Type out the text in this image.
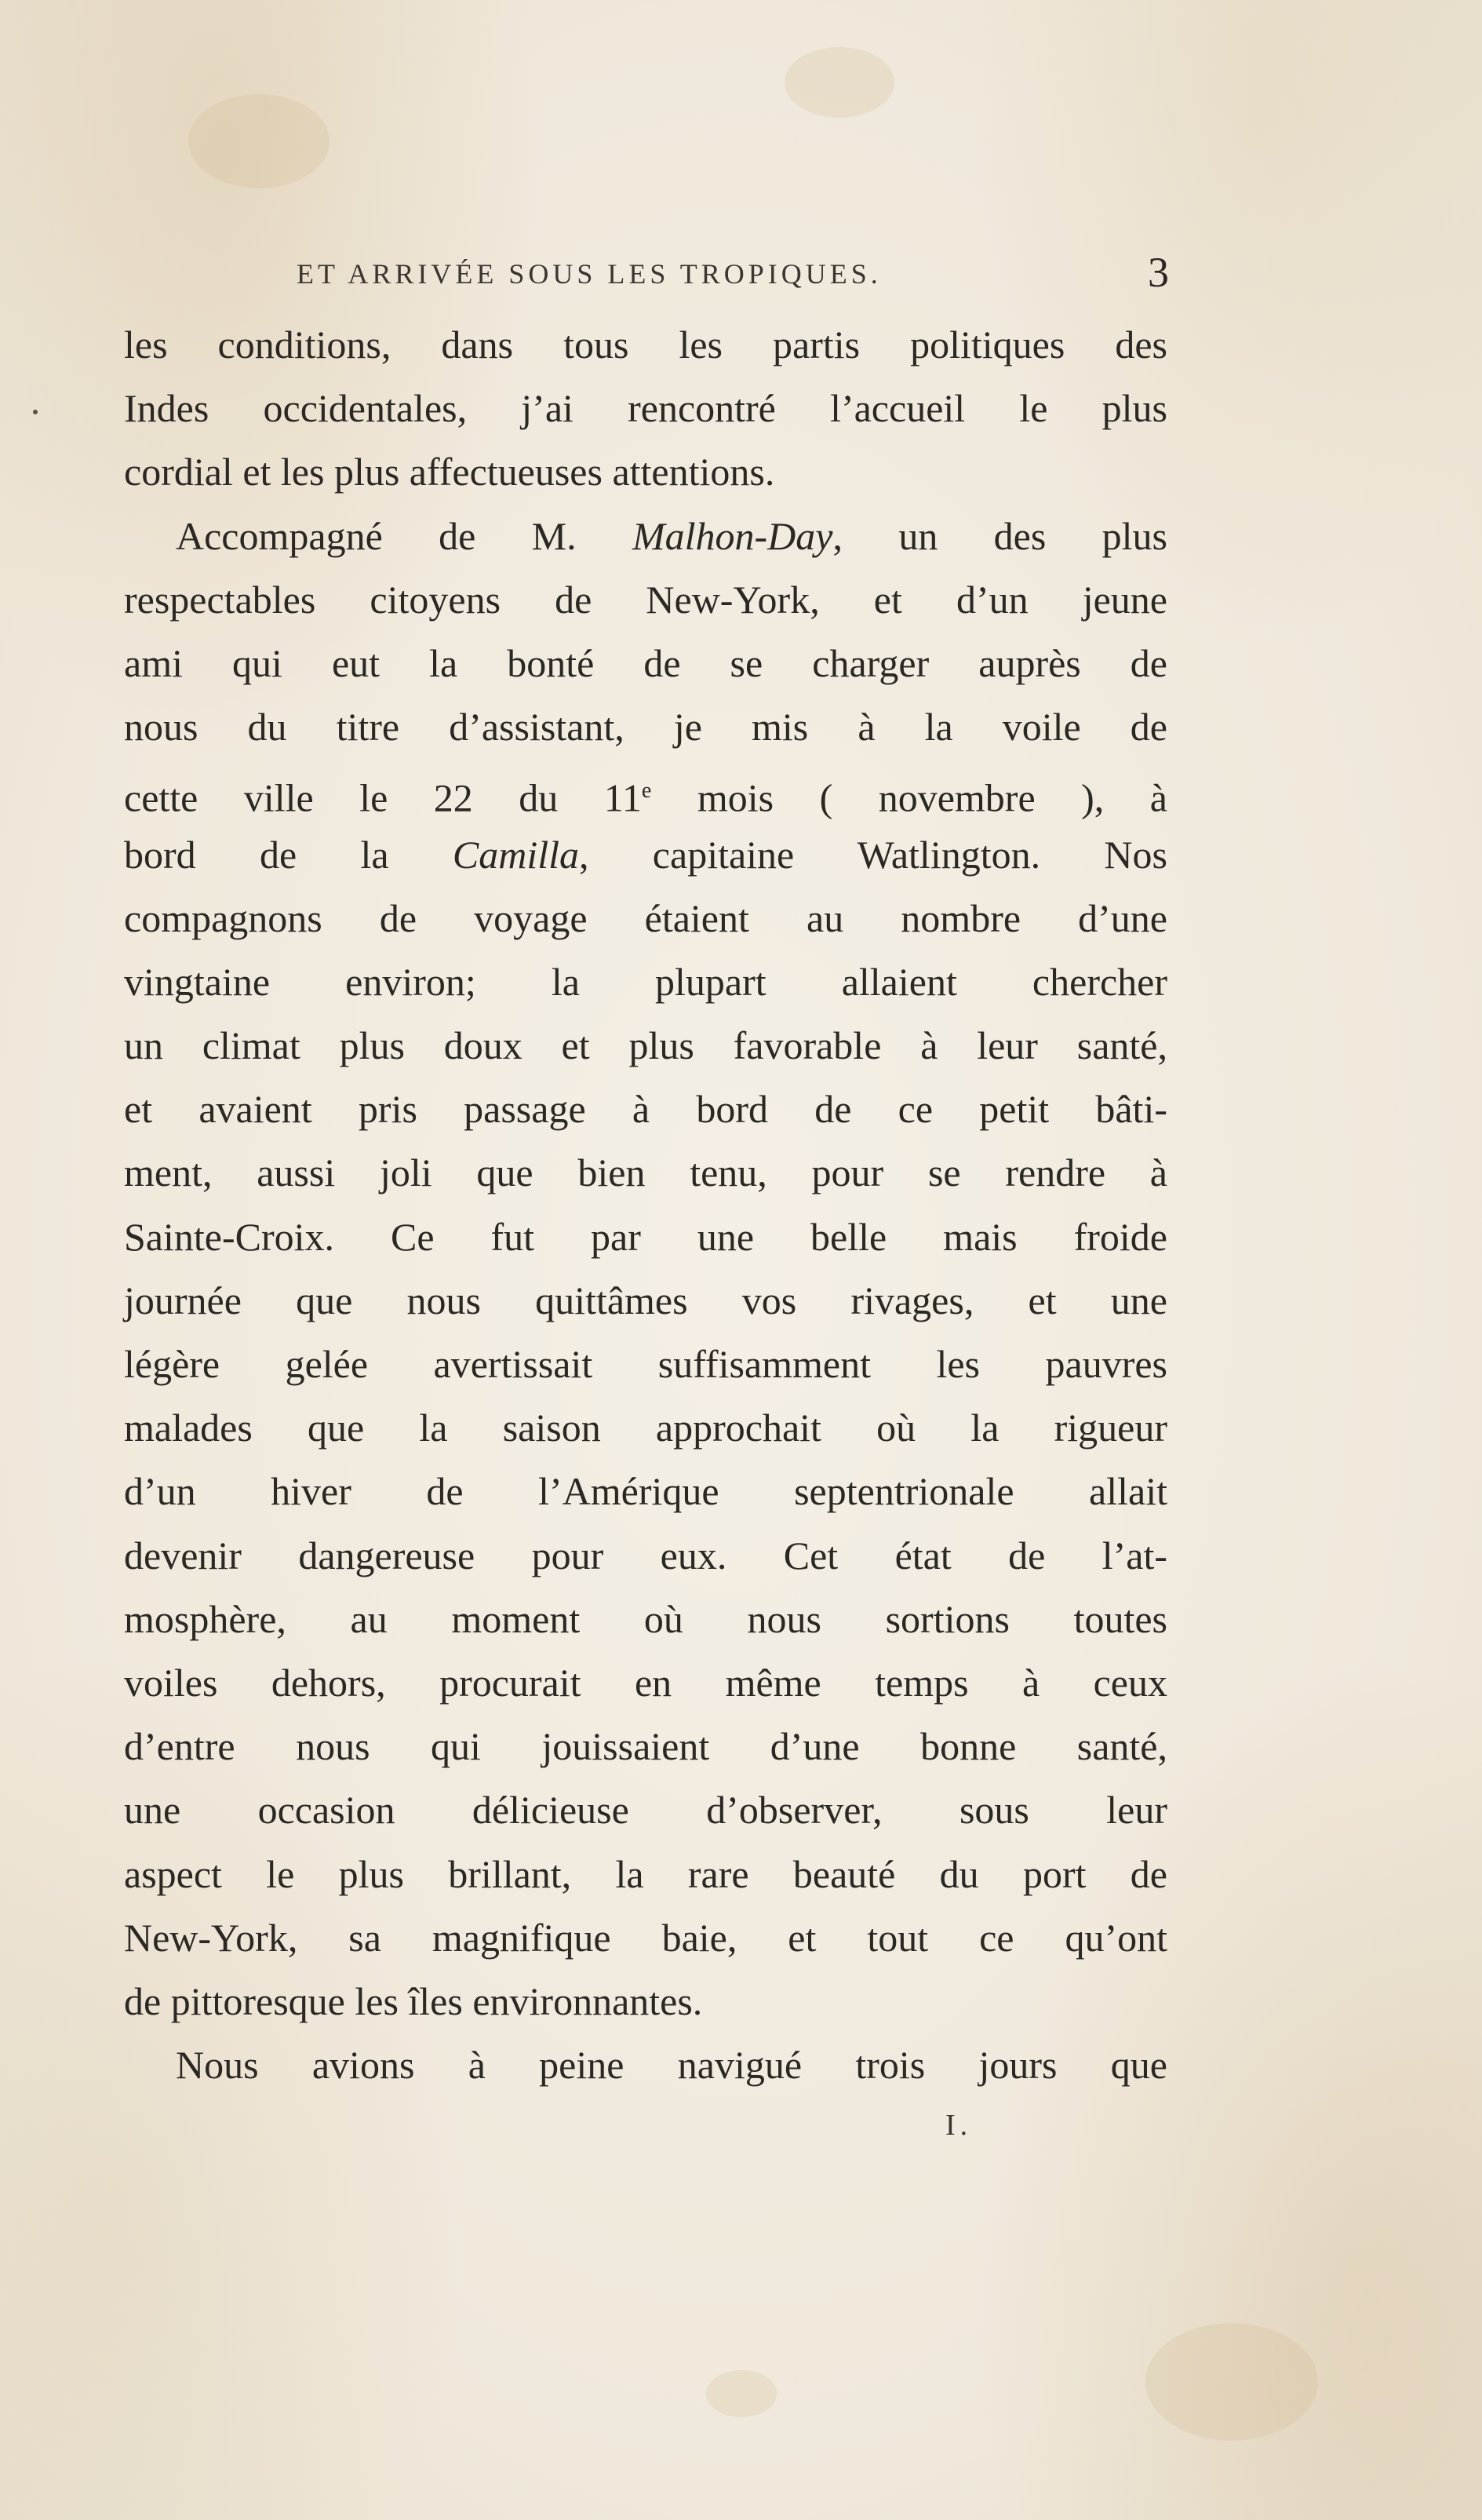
ET ARRIVÉE SOUS LES TROPIQUES.	3
les conditions, dans tous les partis politiques des
Indes occidentales, j’ai rencontré l’accueil le plus
cordial et les plus affectueuses attentions.
Accompagné de M. Malhon-Day, un des plus
respectables citoyens de New-York, et d’un jeune
ami qui eut la bonté de se charger auprès de
nous du titre d’assistant, je mis à la voile de
cette ville le 22 du 11e mois ( novembre ), à
bord de la Camilla, capitaine Watlington. Nos
compagnons de voyage étaient au nombre d’une
vingtaine environ; la plupart allaient chercher
un climat plus doux et plus favorable à leur santé,
et avaient pris passage à bord de ce petit bâti-
ment, aussi joli que bien tenu, pour se rendre à
Sainte-Croix. Ce fut par une belle mais froide
journée que nous quittâmes vos rivages, et une
légère gelée avertissait suffisamment les pauvres
malades que la saison approchait où la rigueur
d’un hiver de l’Amérique septentrionale allait
devenir dangereuse pour eux. Cet état de l’at-
mosphère, au moment où nous sortions toutes
voiles dehors, procurait en même temps à ceux
d’entre nous qui jouissaient d’une bonne santé,
une occasion délicieuse d’observer, sous leur
aspect le plus brillant, la rare beauté du port de
New-York, sa magnifique baie, et tout ce qu’ont
de pittoresque les îles environnantes.
Nous avions à peine navigué trois jours que
I.
